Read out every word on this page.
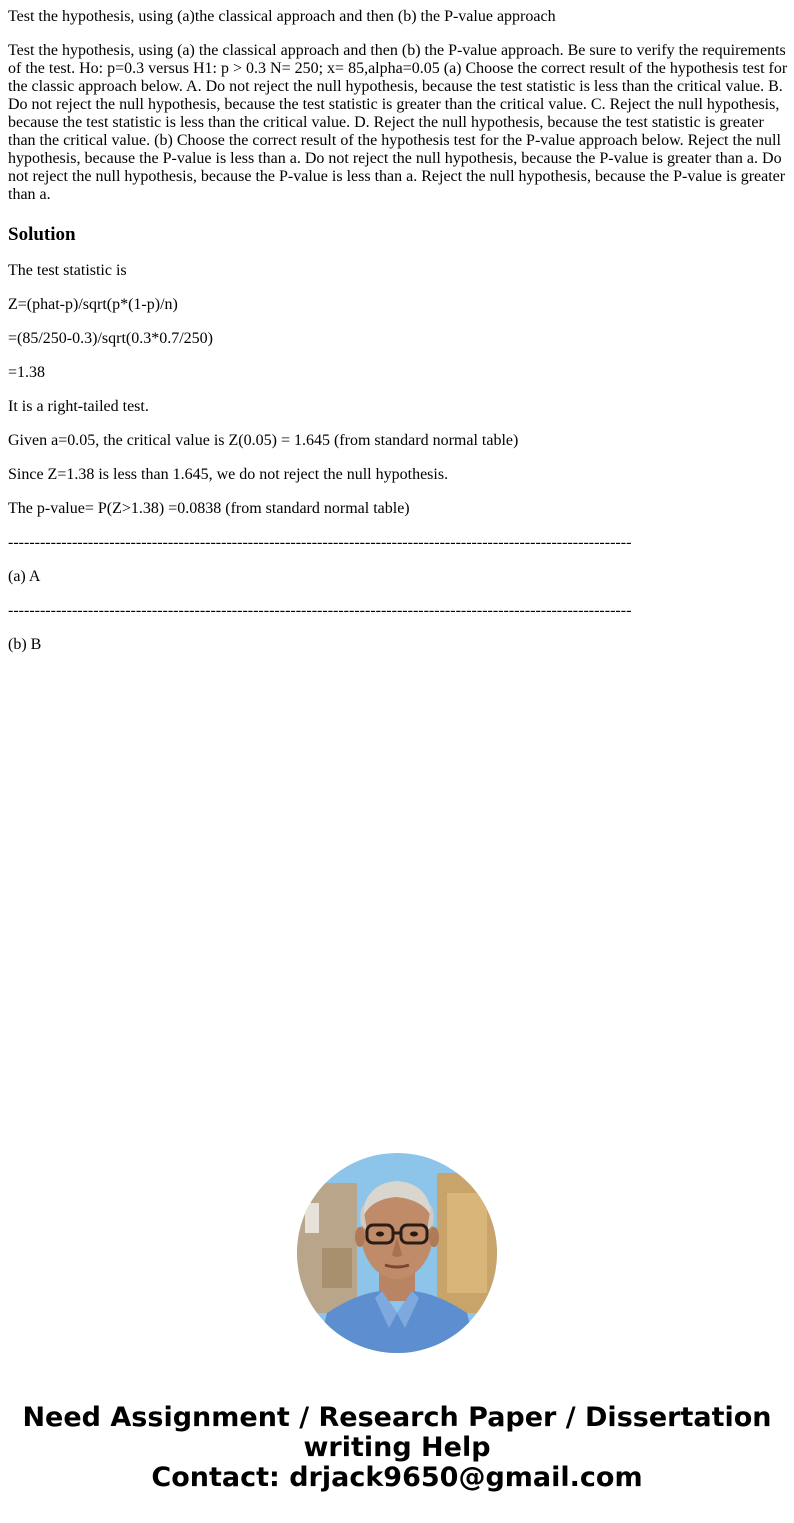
Test the hypothesis, using (a)the classical approach and then (b) the P-value approach
Test the hypothesis, using (a) the classical approach and then (b) the P-value approach. Be sure to verify the requirements of the test. Ho: p=0.3 versus H1: p > 0.3 N= 250; x= 85,alpha=0.05 (a) Choose the correct result of the hypothesis test for the classic approach below. A. Do not reject the null hypothesis, because the test statistic is less than the critical value. B. Do not reject the null hypothesis, because the test statistic is greater than the critical value. C. Reject the null hypothesis, because the test statistic is less than the critical value. D. Reject the null hypothesis, because the test statistic is greater than the critical value. (b) Choose the correct result of the hypothesis test for the P-value approach below. Reject the null hypothesis, because the P-value is less than a. Do not reject the null hypothesis, because the P-value is greater than a. Do not reject the null hypothesis, because the P-value is less than a. Reject the null hypothesis, because the P-value is greater than a.
Solution
The test statistic is
Z=(phat-p)/sqrt(p*(1-p)/n)
=(85/250-0.3)/sqrt(0.3*0.7/250)
=1.38
It is a right-tailed test.
Given a=0.05, the critical value is Z(0.05) = 1.645 (from standard normal table)
Since Z=1.38 is less than 1.645, we do not reject the null hypothesis.
The p-value= P(Z>1.38) =0.0838 (from standard normal table)
---------------------------------------------------------------------------------------------------------------------
(a) A
---------------------------------------------------------------------------------------------------------------------
(b) B
Need Assignment / Research Paper / Dissertation
writing Help
Contact: drjack9650@gmail.com
